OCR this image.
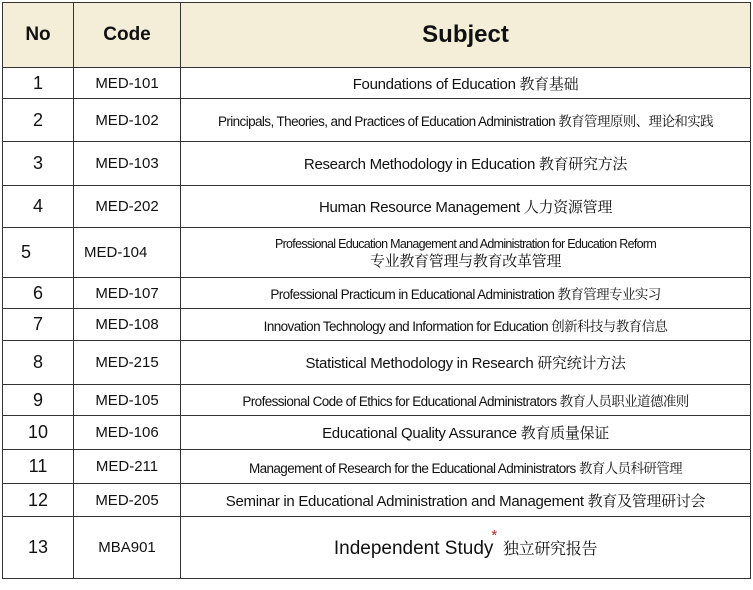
No	Code	Subject
1	MED-101	Foundations of Education 教育基础
2	MED-102	Principals, Theories, and Practices of Education Administration 教育管理原则、理论和实践
3	MED-103	Research Methodology in Education 教育研究方法
4	MED-202	Human Resource Management 人力资源管理
5	MED-104	Professional Education Management and Administration for Education Reform
专业教育管理与教育改革管理

6	MED-107	Professional Practicum in Educational Administration 教育管理专业实习
7	MED-108	Innovation Technology and Information for Education 创新科技与教育信息
8	MED-215	Statistical Methodology in Research 研究统计方法
9	MED-105	Professional Code of Ethics for Educational Administrators 教育人员职业道德准则
10	MED-106	Educational Quality Assurance 教育质量保证
11	MED-211	Management of Research for the Educational Administrators 教育人员科研管理
12	MED-205	Seminar in Educational Administration and Management 教育及管理研讨会
13	MBA901	Independent Study*独立研究报告
